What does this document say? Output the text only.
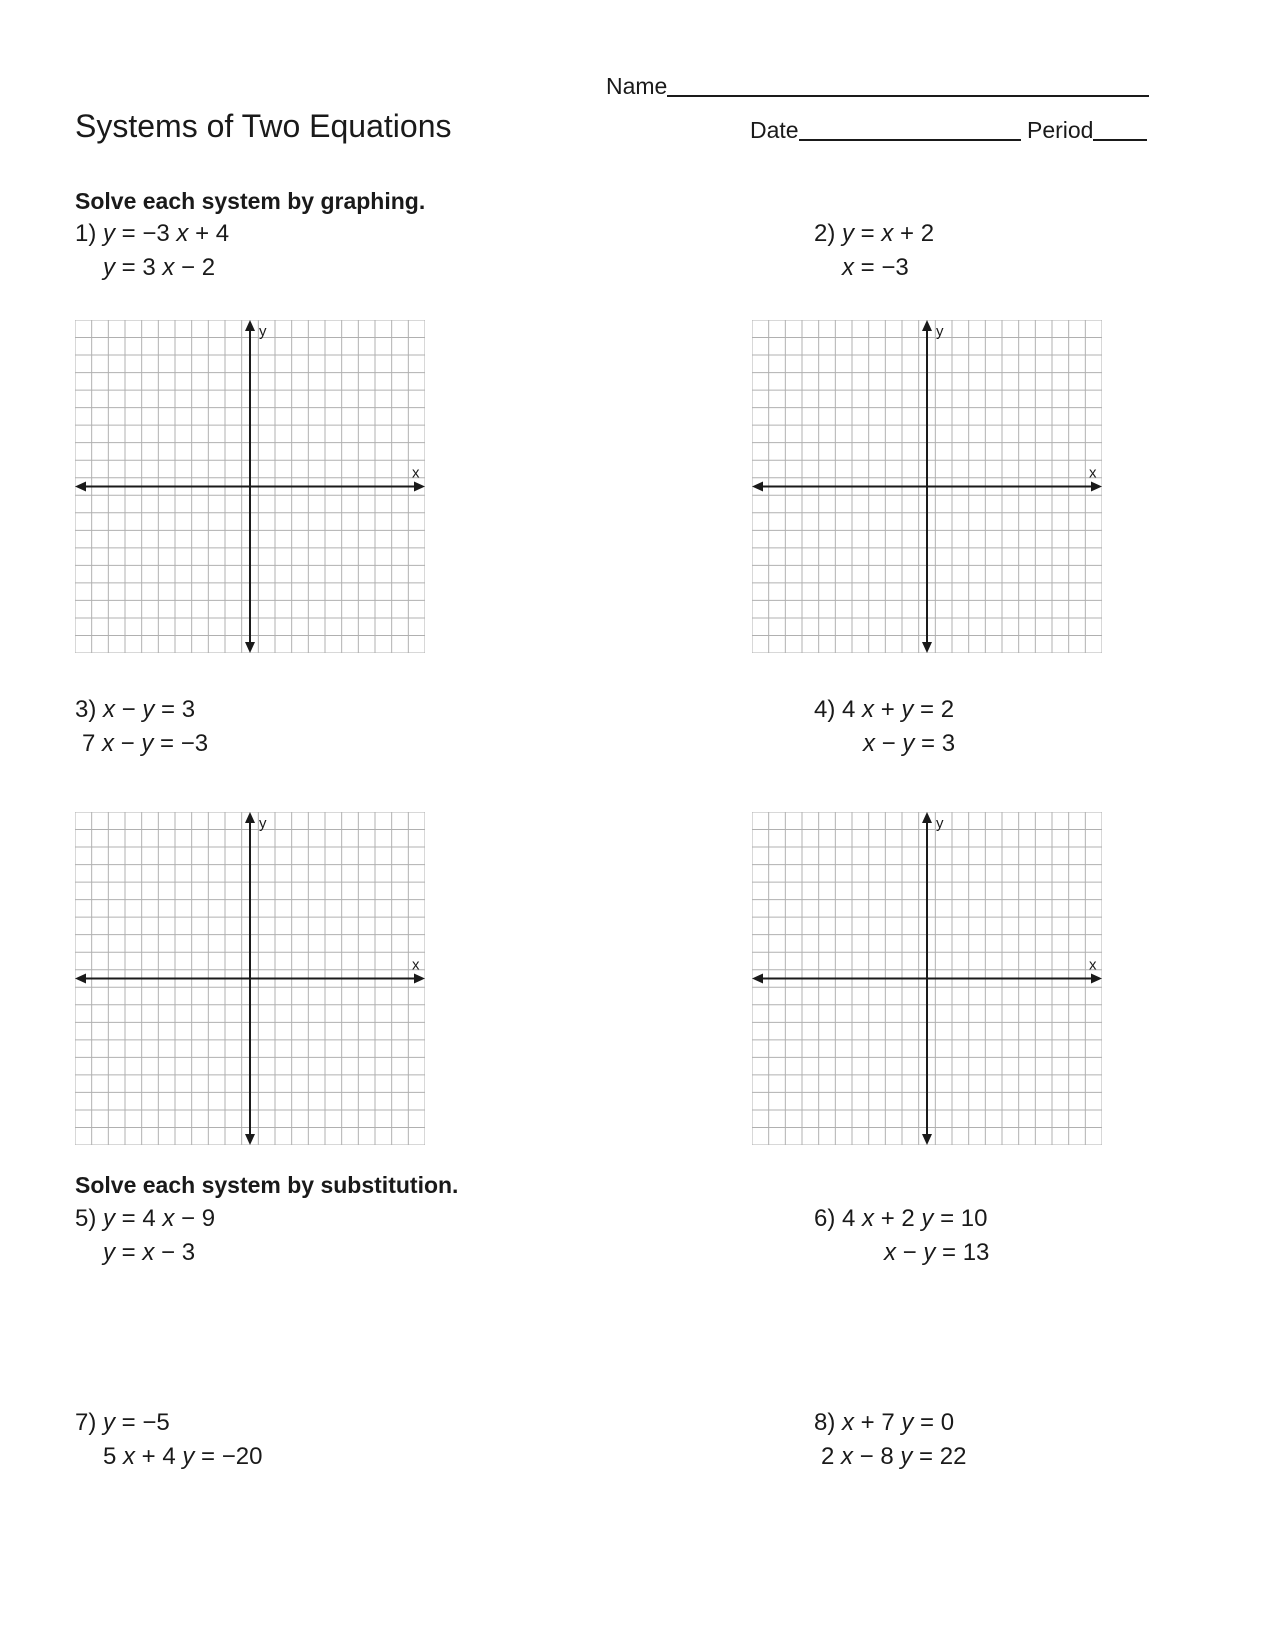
Name
Systems of Two Equations	Date	Period
Solve each system by graphing.
1) y = −3 x + 4
y = 3 x − 2
2) y = x + 2
x = −3
x
y
x
y
3) x − y = 3
7 x − y = −3
4) 4 x + y = 2
x − y = 3
x
y
x
y
Solve each system by substitution.
5) y = 4 x − 9
y = x − 3
6) 4 x + 2 y = 10
x − y = 13
7) y = −5
5 x + 4 y = −20
8) x + 7 y = 0
2 x − 8 y = 22
